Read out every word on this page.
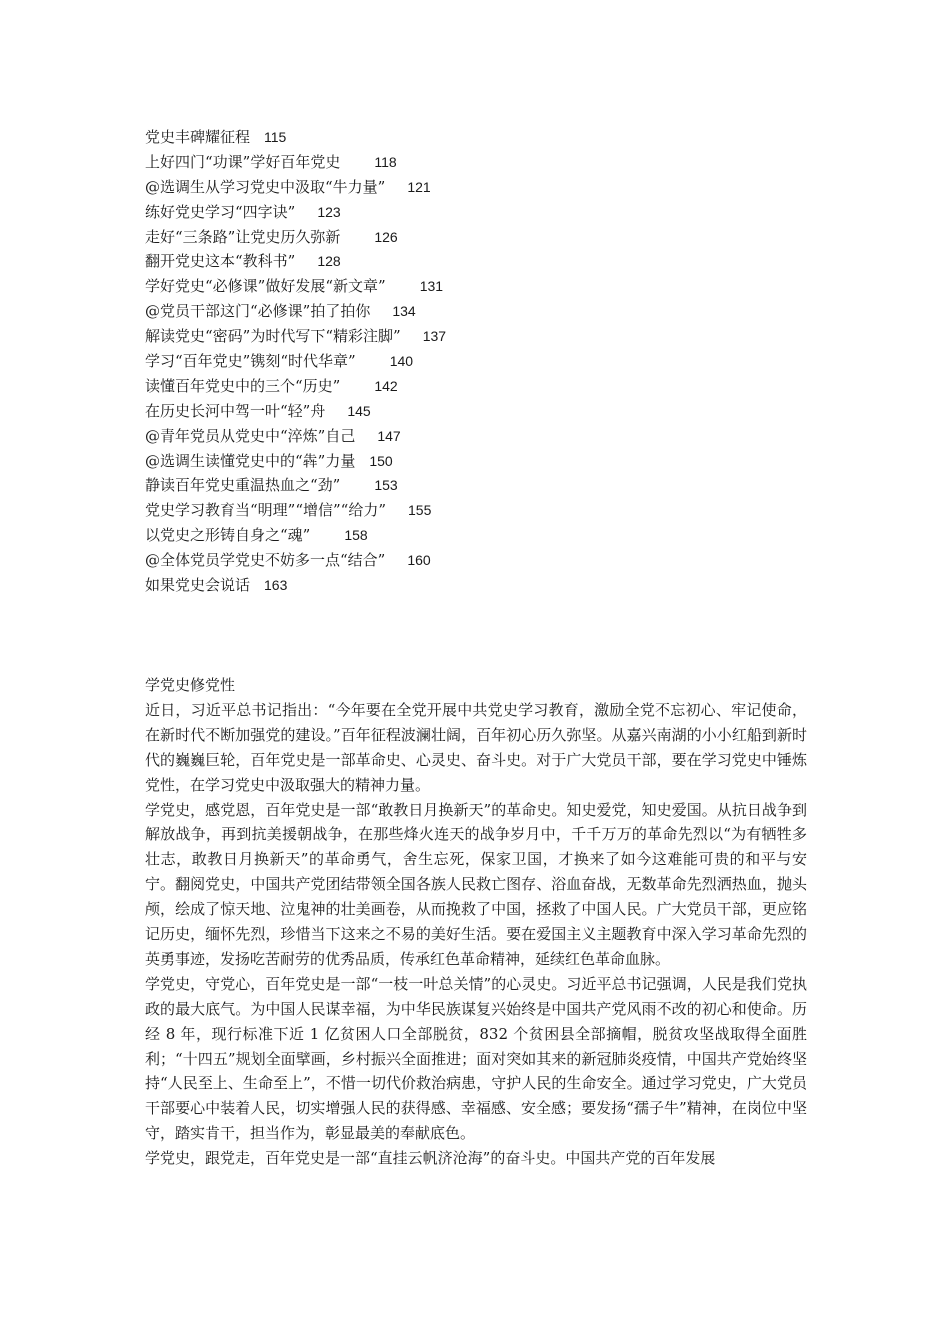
党史丰碑耀征程 115
上好四门“功课”学好百年党史 118
@选调生从学习党史中汲取“牛力量” 121
练好党史学习“四字诀” 123
走好“三条路”让党史历久弥新 126
翻开党史这本“教科书” 128
学好党史“必修课”做好发展“新文章” 131
@党员干部这门“必修课”拍了拍你 134
解读党史“密码”为时代写下“精彩注脚” 137
学习“百年党史”镌刻“时代华章” 140
读懂百年党史中的三个“历史” 142
在历史长河中驾一叶“轻”舟 145
@青年党员从党史中“淬炼”自己 147
@选调生读懂党史中的“犇”力量 150
静读百年党史重温热血之“劲” 153
党史学习教育当“明理”“增信”“给力” 155
以党史之形铸自身之“魂” 158
@全体党员学党史不妨多一点“结合” 160
如果党史会说话 163
学党史修党性

近日，习近平总书记指出：“今年要在全党开展中共党史学习教育，激励全党不忘初心、牢记使命，在新时代不断加强党的建设。”百年征程波澜壮阔，百年初心历久弥坚。从嘉兴南湖的小小红船到新时代的巍巍巨轮，百年党史是一部革命史、心灵史、奋斗史。对于广大党员干部，要在学习党史中锤炼党性，在学习党史中汲取强大的精神力量。

学党史，感党恩，百年党史是一部“敢教日月换新天”的革命史。知史爱党，知史爱国。从抗日战争到解放战争，再到抗美援朝战争，在那些烽火连天的战争岁月中，千千万万的革命先烈以“为有牺牲多壮志，敢教日月换新天”的革命勇气，舍生忘死，保家卫国，才换来了如今这难能可贵的和平与安宁。翻阅党史，中国共产党团结带领全国各族人民救亡图存、浴血奋战，无数革命先烈洒热血，抛头颅，绘成了惊天地、泣鬼神的壮美画卷，从而挽救了中国，拯救了中国人民。广大党员干部，更应铭记历史，缅怀先烈，珍惜当下这来之不易的美好生活。要在爱国主义主题教育中深入学习革命先烈的英勇事迹，发扬吃苦耐劳的优秀品质，传承红色革命精神，延续红色革命血脉。

学党史，守党心，百年党史是一部“一枝一叶总关情”的心灵史。习近平总书记强调，人民是我们党执政的最大底气。为中国人民谋幸福，为中华民族谋复兴始终是中国共产党风雨不改的初心和使命。历经 8 年，现行标准下近 1 亿贫困人口全部脱贫，832 个贫困县全部摘帽，脱贫攻坚战取得全面胜利；“十四五”规划全面擘画，乡村振兴全面推进；面对突如其来的新冠肺炎疫情，中国共产党始终坚持“人民至上、生命至上”，不惜一切代价救治病患，守护人民的生命安全。通过学习党史，广大党员干部要心中装着人民，切实增强人民的获得感、幸福感、安全感；要发扬“孺子牛”精神，在岗位中坚守，踏实肯干，担当作为，彰显最美的奉献底色。

学党史，跟党走，百年党史是一部“直挂云帆济沧海”的奋斗史。中国共产党的百年发展
